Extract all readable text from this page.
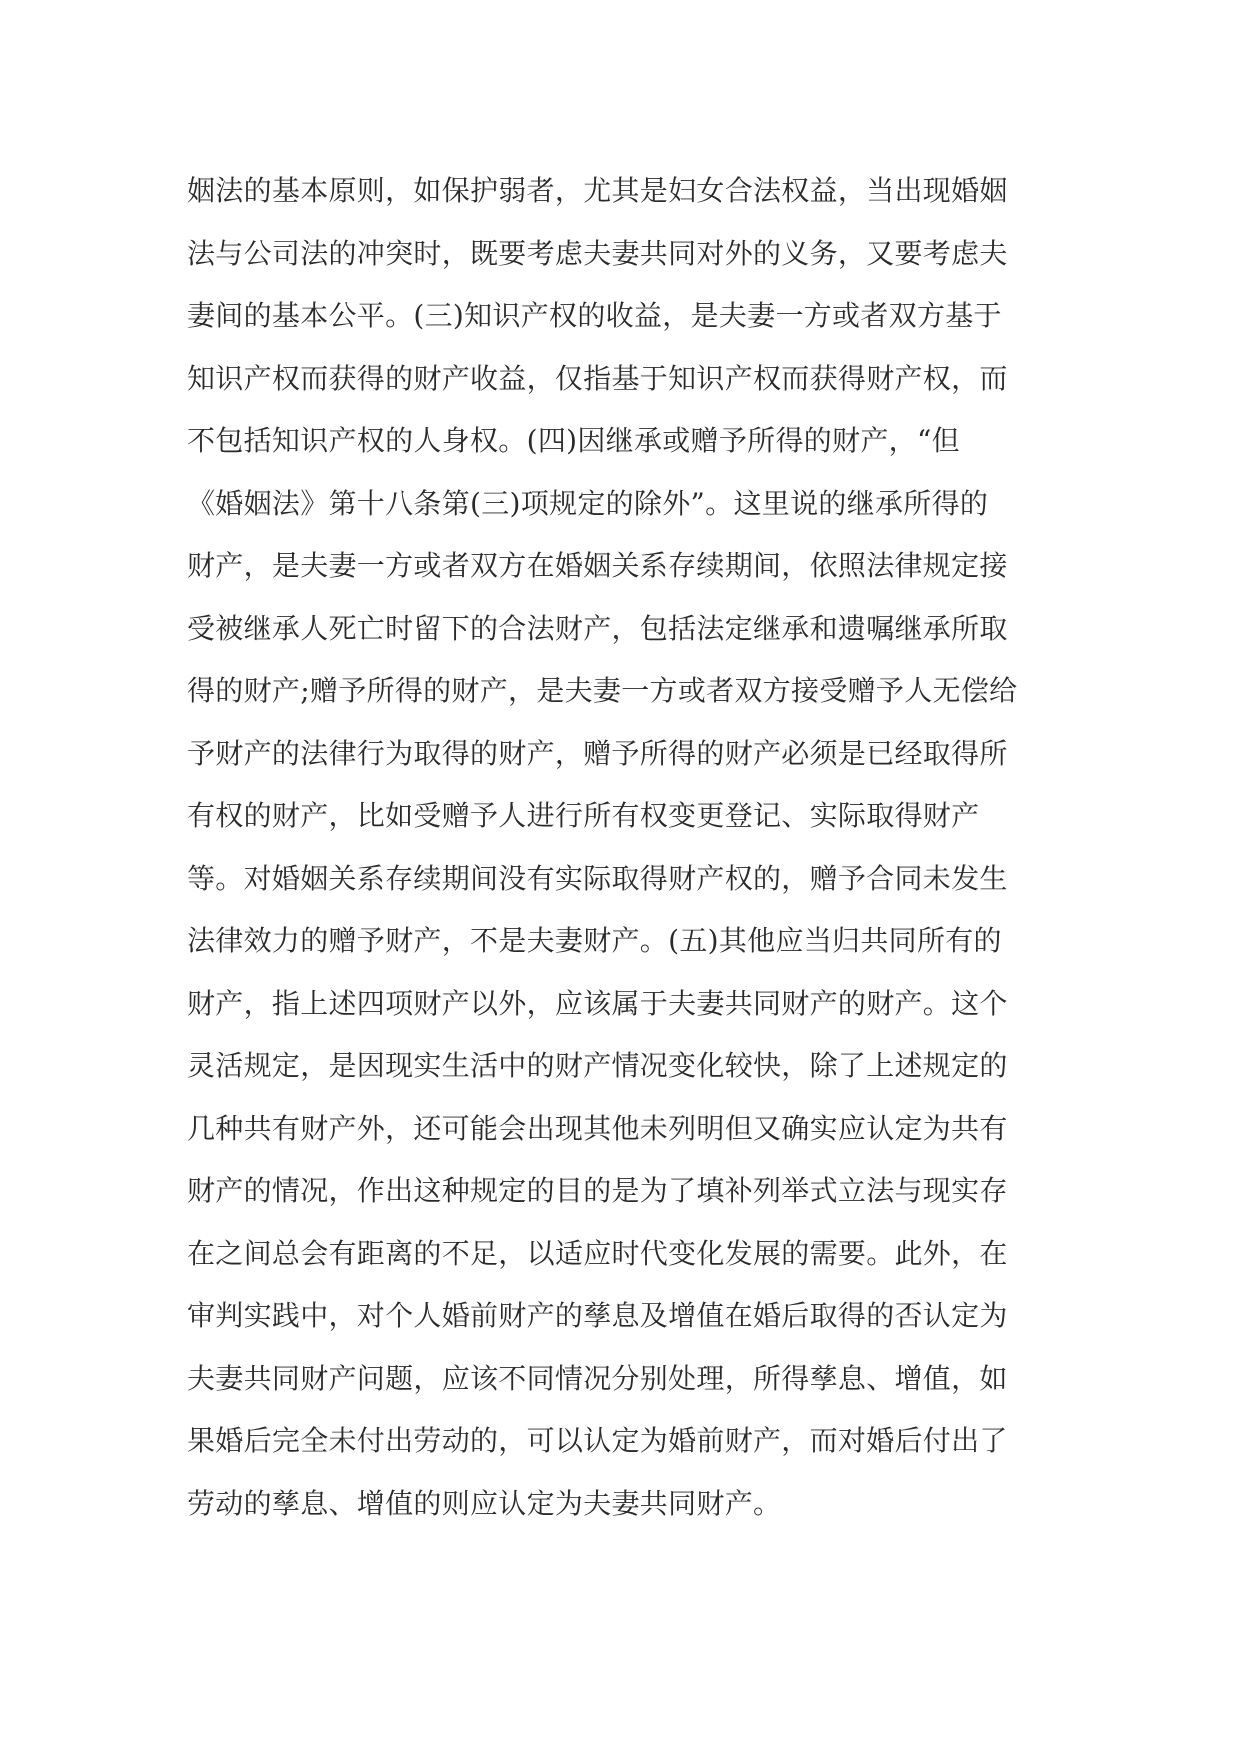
姻法的基本原则，如保护弱者，尤其是妇女合法权益，当出现婚姻
法与公司法的冲突时，既要考虑夫妻共同对外的义务，又要考虑夫
妻间的基本公平。(三)知识产权的收益，是夫妻一方或者双方基于
知识产权而获得的财产收益，仅指基于知识产权而获得财产权，而
不包括知识产权的人身权。(四)因继承或赠予所得的财产，“但
《婚姻法》第十八条第(三)项规定的除外”。这里说的继承所得的
财产，是夫妻一方或者双方在婚姻关系存续期间，依照法律规定接
受被继承人死亡时留下的合法财产，包括法定继承和遗嘱继承所取
得的财产;赠予所得的财产，是夫妻一方或者双方接受赠予人无偿给
予财产的法律行为取得的财产，赠予所得的财产必须是已经取得所
有权的财产，比如受赠予人进行所有权变更登记、实际取得财产
等。对婚姻关系存续期间没有实际取得财产权的，赠予合同未发生
法律效力的赠予财产，不是夫妻财产。(五)其他应当归共同所有的
财产，指上述四项财产以外，应该属于夫妻共同财产的财产。这个
灵活规定，是因现实生活中的财产情况变化较快，除了上述规定的
几种共有财产外，还可能会出现其他未列明但又确实应认定为共有
财产的情况，作出这种规定的目的是为了填补列举式立法与现实存
在之间总会有距离的不足，以适应时代变化发展的需要。此外，在
审判实践中，对个人婚前财产的孳息及增值在婚后取得的否认定为
夫妻共同财产问题，应该不同情况分别处理，所得孳息、增值，如
果婚后完全未付出劳动的，可以认定为婚前财产，而对婚后付出了
劳动的孳息、增值的则应认定为夫妻共同财产。
